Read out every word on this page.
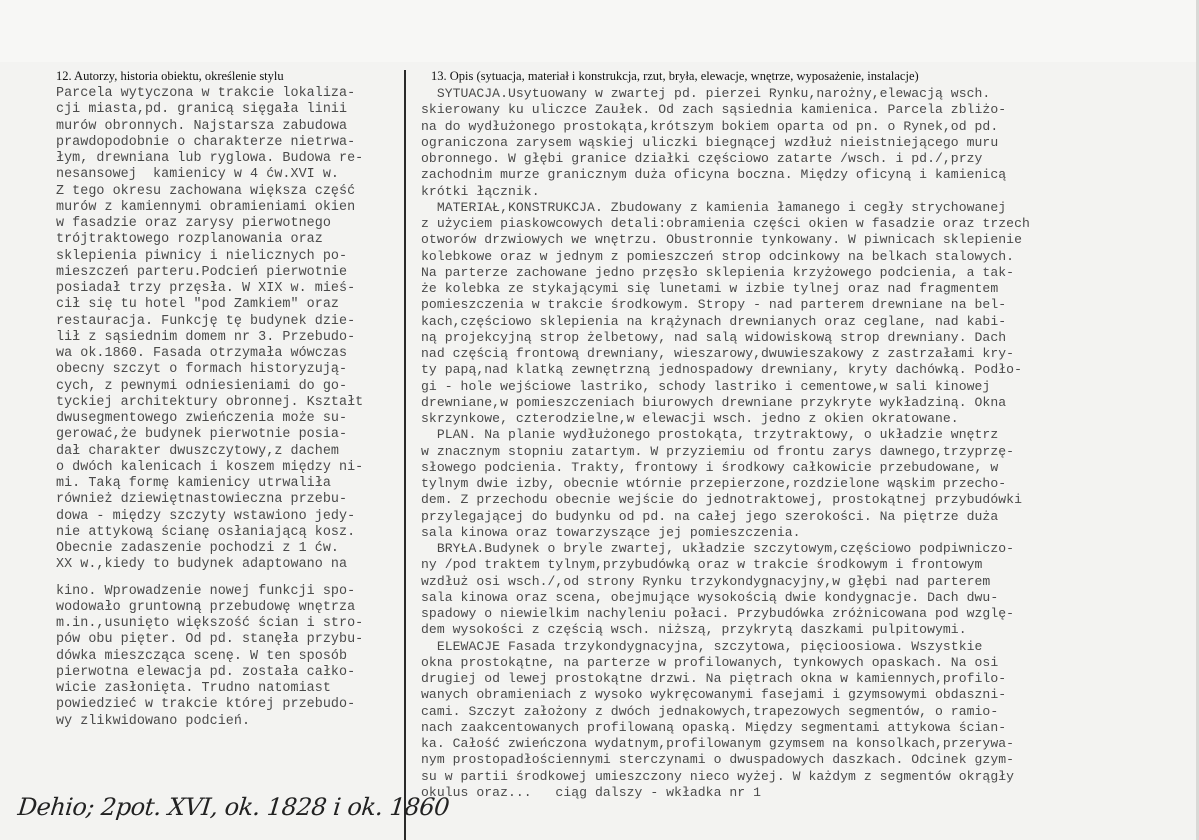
12. Autorzy, historia obiektu, określenie stylu	13. Opis (sytuacja, materiał i konstrukcja, rzut, bryła, elewacje, wnętrze, wyposażenie, instalacje)
Parcela wytyczona w trakcie lokaliza-
cji miasta,pd. granicą sięgała linii
murów obronnych. Najstarsza zabudowa
prawdopodobnie o charakterze nietrwa-
łym, drewniana lub ryglowa. Budowa re-
nesansowej  kamienicy w 4 ćw.XVI w.
Z tego okresu zachowana większa część
murów z kamiennymi obramieniami okien
w fasadzie oraz zarysy pierwotnego
trójtraktowego rozplanowania oraz
sklepienia piwnicy i nielicznych po-
mieszczeń parteru.Podcień pierwotnie
posiadał trzy przęsła. W XIX w. mieś-
cił się tu hotel "pod Zamkiem" oraz
restauracja. Funkcję tę budynek dzie-
lił z sąsiednim domem nr 3. Przebudo-
wa ok.1860. Fasada otrzymała wówczas
obecny szczyt o formach historyzują-
cych, z pewnymi odniesieniami do go-
tyckiej architektury obronnej. Kształt
dwusegmentowego zwieńczenia może su-
gerować,że budynek pierwotnie posia-
dał charakter dwuszczytowy,z dachem
o dwóch kalenicach i koszem między ni-
mi. Taką formę kamienicy utrwaliła
również dziewiętnastowieczna przebu-
dowa - między szczyty wstawiono jedy-
nie attykową ścianę osłaniającą kosz.
Obecnie zadaszenie pochodzi z 1 ćw.
XX w.,kiedy to budynek adaptowano na
kino. Wprowadzenie nowej funkcji spo-
wodowało gruntowną przebudowę wnętrza
m.in.,usunięto większość ścian i stro-
pów obu pięter. Od pd. stanęła przybu-
dówka mieszcząca scenę. W ten sposób
pierwotna elewacja pd. została całko-
wicie zasłonięta. Trudno natomiast
powiedzieć w trakcie której przebudo-
wy zlikwidowano podcień.
SYTUACJA.Usytuowany w zwartej pd. pierzei Rynku,narożny,elewacją wsch.
skierowany ku uliczce Zaułek. Od zach sąsiednia kamienica. Parcela zbliżo-
na do wydłużonego prostokąta,krótszym bokiem oparta od pn. o Rynek,od pd.
ograniczona zarysem wąskiej uliczki biegnącej wzdłuż nieistniejącego muru
obronnego. W głębi granice działki częściowo zatarte /wsch. i pd./,przy
zachodnim murze granicznym duża oficyna boczna. Między oficyną i kamienicą
krótki łącznik.
MATERIAŁ,KONSTRUKCJA. Zbudowany z kamienia łamanego i cegły strychowanej
z użyciem piaskowcowych detali:obramienia części okien w fasadzie oraz trzech
otworów drzwiowych we wnętrzu. Obustronnie tynkowany. W piwnicach sklepienie
kolebkowe oraz w jednym z pomieszczeń strop odcinkowy na belkach stalowych.
Na parterze zachowane jedno przęsło sklepienia krzyżowego podcienia, a tak-
że kolebka ze stykającymi się lunetami w izbie tylnej oraz nad fragmentem
pomieszczenia w trakcie środkowym. Stropy - nad parterem drewniane na bel-
kach,częściowo sklepienia na krążynach drewnianych oraz ceglane, nad kabi-
ną projekcyjną strop żelbetowy, nad salą widowiskową strop drewniany. Dach
nad częścią frontową drewniany, wieszarowy,dwuwieszakowy z zastrzałami kry-
ty papą,nad klatką zewnętrzną jednospadowy drewniany, kryty dachówką. Podło-
gi - hole wejściowe lastriko, schody lastriko i cementowe,w sali kinowej
drewniane,w pomieszczeniach biurowych drewniane przykryte wykładziną. Okna
skrzynkowe, czterodzielne,w elewacji wsch. jedno z okien okratowane.
PLAN. Na planie wydłużonego prostokąta, trzytraktowy, o układzie wnętrz
w znacznym stopniu zatartym. W przyziemiu od frontu zarys dawnego,trzyprzę-
słowego podcienia. Trakty, frontowy i środkowy całkowicie przebudowane, w
tylnym dwie izby, obecnie wtórnie przepierzone,rozdzielone wąskim przecho-
dem. Z przechodu obecnie wejście do jednotraktowej, prostokątnej przybudówki
przylegającej do budynku od pd. na całej jego szerokości. Na piętrze duża
sala kinowa oraz towarzyszące jej pomieszczenia.
BRYŁA.Budynek o bryle zwartej, układzie szczytowym,częściowo podpiwniczo-
ny /pod traktem tylnym,przybudówką oraz w trakcie środkowym i frontowym
wzdłuż osi wsch./,od strony Rynku trzykondygnacyjny,w głębi nad parterem
sala kinowa oraz scena, obejmujące wysokością dwie kondygnacje. Dach dwu-
spadowy o niewielkim nachyleniu połaci. Przybudówka zróżnicowana pod wzglę-
dem wysokości z częścią wsch. niższą, przykrytą daszkami pulpitowymi.
ELEWACJE Fasada trzykondygnacyjna, szczytowa, pięcioosiowa. Wszystkie
okna prostokątne, na parterze w profilowanych, tynkowych opaskach. Na osi
drugiej od lewej prostokątne drzwi. Na piętrach okna w kamiennych,profilo-
wanych obramieniach z wysoko wykręcowanymi fasejami i gzymsowymi obdaszni-
cami. Szczyt założony z dwóch jednakowych,trapezowych segmentów, o ramio-
nach zaakcentowanych profilowaną opaską. Między segmentami attykowa ścian-
ka. Całość zwieńczona wydatnym,profilowanym gzymsem na konsolkach,przerywa-
nym prostopadłościennymi sterczynami o dwuspadowych daszkach. Odcinek gzym-
su w partii środkowej umieszczony nieco wyżej. W każdym z segmentów okrągły
okulus oraz...   ciąg dalszy - wkładka nr 1
Dehio; 2pot. XVI, ok. 1828 i ok. 1860
